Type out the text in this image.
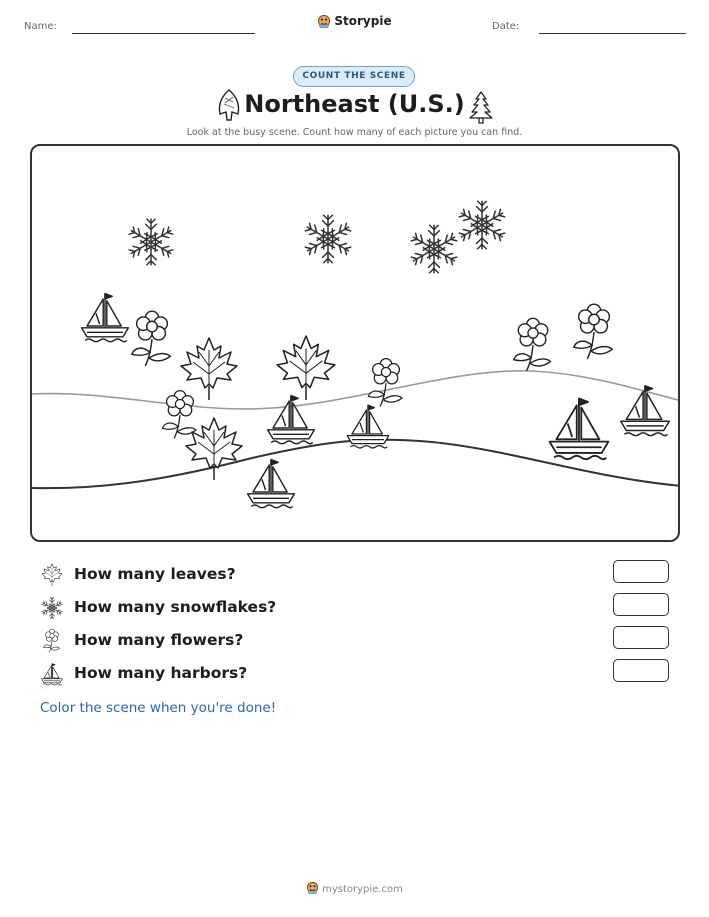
Name:	Storypie	Date:
COUNT THE SCENE
Northeast (U.S.)
Look at the busy scene. Count how many of each picture you can find.
How many leaves?
How many snowflakes?
How many flowers?
How many harbors?
Color the scene when you're done!
mystorypie.com
